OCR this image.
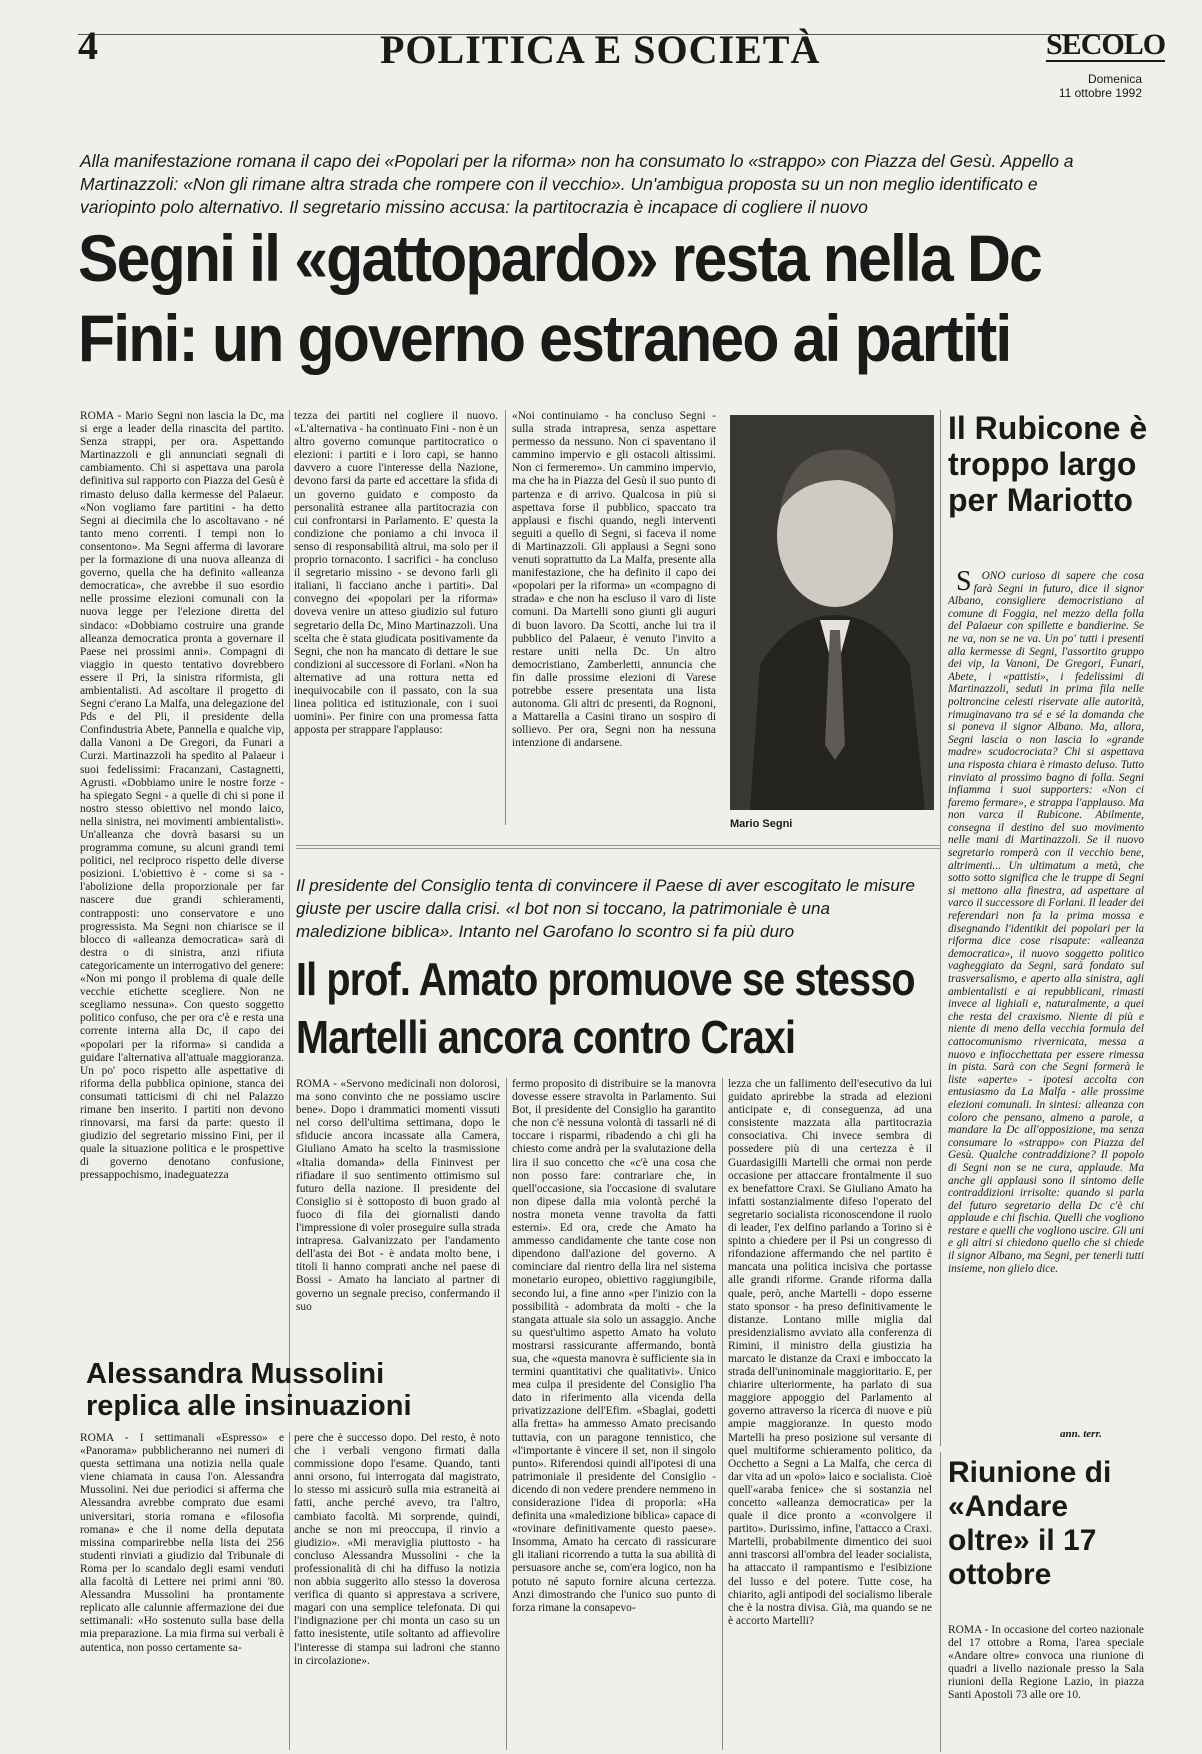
4	POLITICA E SOCIETÀ	SECOLO
Domenica
11 ottobre 1992
Alla manifestazione romana il capo dei «Popolari per la riforma» non ha consumato lo «strappo» con Piazza del Gesù. Appello a Martinazzoli: «Non gli rimane altra strada che rompere con il vecchio». Un'ambigua proposta su un non meglio identificato e variopinto polo alternativo. Il segretario missino accusa: la partitocrazia è incapace di cogliere il nuovo
Segni il «gattopardo» resta nella Dc
Fini: un governo estraneo ai partiti

ROMA - Mario Segni non lascia la Dc, ma si erge a leader della rinascita del partito. Senza strappi, per ora. Aspettando Martinazzoli e gli annunciati segnali di cambiamento. Chi si aspettava una parola definitiva sul rapporto con Piazza del Gesù è rimasto deluso dalla kermesse del Palaeur. «Non vogliamo fare partitini - ha detto Segni ai diecimila che lo ascoltavano - né tanto meno correnti. I tempi non lo consentono». Ma Segni afferma di lavorare per la formazione di una nuova alleanza di governo, quella che ha definito «alleanza democratica», che avrebbe il suo esordio nelle prossime elezioni comunali con la nuova legge per l'elezione diretta del sindaco: «Dobbiamo costruire una grande alleanza democratica pronta a governare il Paese nei prossimi anni». Compagni di viaggio in questo tentativo dovrebbero essere il Pri, la sinistra riformista, gli ambientalisti. Ad ascoltare il progetto di Segni c'erano La Malfa, una delegazione del Pds e del Pli, il presidente della Confindustria Abete, Pannella e qualche vip, dalla Vanoni a De Gregori, da Funari a Curzi. Martinazzoli ha spedito al Palaeur i suoi fedelissimi: Fracanzani, Castagnetti, Agrusti. «Dobbiamo unire le nostre forze - ha spiegato Segni - a quelle di chi si pone il nostro stesso obiettivo nel mondo laico, nella sinistra, nei movimenti ambientalisti». Un'alleanza che dovrà basarsi su un programma comune, su alcuni grandi temi politici, nel reciproco rispetto delle diverse posizioni. L'obiettivo è - come si sa - l'abolizione della proporzionale per far nascere due grandi schieramenti, contrapposti: uno conservatore e uno progressista. Ma Segni non chiarisce se il blocco di «alleanza democratica» sarà di destra o di sinistra, anzi rifiuta categoricamente un interrogativo del genere: «Non mi pongo il problema di quale delle vecchie etichette scegliere. Non ne scegliamo nessuna». Con questo soggetto politico confuso, che per ora c'è e resta una corrente interna alla Dc, il capo dei «popolari per la riforma» si candida a guidare l'alternativa all'attuale maggioranza. Un po' poco rispetto alle aspettative di riforma della pubblica opinione, stanca dei consumati tatticismi di chi nel Palazzo rimane ben inserito. I partiti non devono rinnovarsi, ma farsi da parte: questo il giudizio del segretario missino Fini, per il quale la situazione politica e le prospettive di governo denotano confusione, pressappochismo, inadeguatezza

tezza dei partiti nel cogliere il nuovo. «L'alternativa - ha continuato Fini - non è un altro governo comunque partitocratico o elezioni: i partiti e i loro capi, se hanno davvero a cuore l'interesse della Nazione, devono farsi da parte ed accettare la sfida di un governo guidato e composto da personalità estranee alla partitocrazia con cui confrontarsi in Parlamento. E' questa la condizione che poniamo a chi invoca il senso di responsabilità altrui, ma solo per il proprio tornaconto. I sacrifici - ha concluso il segretario missino - se devono farli gli italiani, li facciano anche i partiti». Dal convegno dei «popolari per la riforma» doveva venire un atteso giudizio sul futuro segretario della Dc, Mino Martinazzoli. Una scelta che è stata giudicata positivamente da Segni, che non ha mancato di dettare le sue condizioni al successore di Forlani. «Non ha alternative ad una rottura netta ed inequivocabile con il passato, con la sua linea politica ed istituzionale, con i suoi uomini». Per finire con una promessa fatta apposta per strappare l'applauso:

«Noi continuiamo - ha concluso Segni - sulla strada intrapresa, senza aspettare permesso da nessuno. Non ci spaventano il cammino impervio e gli ostacoli altissimi. Non ci fermeremo». Un cammino impervio, ma che ha in Piazza del Gesù il suo punto di partenza e di arrivo. Qualcosa in più si aspettava forse il pubblico, spaccato tra applausi e fischi quando, negli interventi seguiti a quello di Segni, si faceva il nome di Martinazzoli. Gli applausi a Segni sono venuti soprattutto da La Malfa, presente alla manifestazione, che ha definito il capo dei «popolari per la riforma» un «compagno di strada» e che non ha escluso il varo di liste comuni. Da Martelli sono giunti gli auguri di buon lavoro. Da Scotti, anche lui tra il pubblico del Palaeur, è venuto l'invito a restare uniti nella Dc. Un altro democristiano, Zamberletti, annuncia che fin dalle prossime elezioni di Varese potrebbe essere presentata una lista autonoma. Gli altri dc presenti, da Rognoni, a Mattarella a Casini tirano un sospiro di sollievo. Per ora, Segni non ha nessuna intenzione di andarsene.

Mario Segni
Il Rubicone è troppo largo per Mariotto

SONO curioso di sapere che cosa farà Segni in futuro, dice il signor Albano, consigliere democristiano al comune di Foggia, nel mezzo della folla del Palaeur con spillette e bandierine. Se ne va, non se ne va. Un po' tutti i presenti alla kermesse di Segni, l'assortito gruppo dei vip, la Vanoni, De Gregori, Funari, Abete, i «pattisti», i fedelissimi di Martinazzoli, seduti in prima fila nelle poltroncine celesti riservate alle autorità, rimuginavano tra sé e sé la domanda che si poneva il signor Albano. Ma, allora, Segni lascia o non lascia lo «grande madre» scudocrociata? Chi si aspettava una risposta chiara è rimasto deluso. Tutto rinviato al prossimo bagno di folla. Segni infiamma i suoi supporters: «Non ci faremo fermare», e strappa l'applauso. Ma non varca il Rubicone. Abilmente, consegna il destino del suo movimento nelle mani di Martinazzoli. Se il nuovo segretario romperà con il vecchio bene, altrimenti... Un ultimatum a metà, che sotto sotto significa che le truppe di Segni si mettono alla finestra, ad aspettare al varco il successore di Forlani. Il leader dei referendari non fa la prima mossa e disegnando l'identikit dei popolari per la riforma dice cose risapute: «alleanza democratica», il nuovo soggetto politico vagheggiato da Segni, sarà fondato sul trasversalismo, e aperto alla sinistra, agli ambientalisti e ai repubblicani, rimasti invece al lighiali e, naturalmente, a quei che resta del craxismo. Niente di più e niente di meno della vecchia formula del cattocomunismo rivernicata, messa a nuovo e infiocchettata per essere rimessa in pista. Sarà con che Segni formerà le liste «aperte» - ipotesi accolta con entusiasmo da La Malfa - alle prossime elezioni comunali. In sintesi: alleanza con coloro che pensano, almeno a parole, a mandare la Dc all'opposizione, ma senza consumare lo «strappo» con Piazza del Gesù. Qualche contraddizione? Il popolo di Segni non se ne cura, applaude. Ma anche gli applausi sono il sintomo delle contraddizioni irrisolte: quando si parla del futuro segretario della Dc c'è chi applaude e chi fischia. Quelli che vogliono restare e quelli che vogliono uscire. Gli uni e gli altri si chiedono quello che si chiede il signor Albano, ma Segni, per tenerli tutti insieme, non glielo dice.

ann. terr.
Il presidente del Consiglio tenta di convincere il Paese di aver escogitato le misure giuste per uscire dalla crisi. «I bot non si toccano, la patrimoniale è una maledizione biblica». Intanto nel Garofano lo scontro si fa più duro
Il prof. Amato promuove se stesso
Martelli ancora contro Craxi

ROMA - «Servono medicinali non dolorosi, ma sono convinto che ne possiamo uscire bene». Dopo i drammatici momenti vissuti nel corso dell'ultima settimana, dopo le sfiducie ancora incassate alla Camera, Giuliano Amato ha scelto la trasmissione «Italia domanda» della Fininvest per rifiadare il suo sentimento ottimismo sul futuro della nazione. Il presidente del Consiglio si è sottoposto di buon grado al fuoco di fila dei giornalisti dando l'impressione di voler proseguire sulla strada intrapresa. Galvanizzato per l'andamento dell'asta dei Bot - è andata molto bene, i titoli li hanno comprati anche nel paese di Bossi - Amato ha lanciato al partner di governo un segnale preciso, confermando il suo

fermo proposito di distribuire se la manovra dovesse essere stravolta in Parlamento. Sui Bot, il presidente del Consiglio ha garantito che non c'è nessuna volontà di tassarli né di toccare i risparmi, ribadendo a chi gli ha chiesto come andrà per la svalutazione della lira il suo concetto che «c'è una cosa che non posso fare: contrariare che, in quell'occasione, sia l'occasione di svalutare non dipese dalla mia volontà perché la nostra moneta venne travolta da fatti esterni». Ed ora, crede che Amato ha ammesso candidamente che tante cose non dipendono dall'azione del governo. A cominciare dal rientro della lira nel sistema monetario europeo, obiettivo raggiungibile, secondo lui, a fine anno «per l'inizio con la possibilità - adombrata da molti - che la stangata attuale sia solo un assaggio. Anche su quest'ultimo aspetto Amato ha voluto mostrarsi rassicurante affermando, bontà sua, che «questa manovra è sufficiente sia in termini quantitativi che qualitativi». Unico mea culpa il presidente del Consiglio l'ha dato in riferimento alla vicenda della privatizzazione dell'Efim. «Sbaglai, godetti alla fretta» ha ammesso Amato precisando tuttavia, con un paragone tennistico, che «l'importante è vincere il set, non il singolo punto». Riferendosi quindi all'ipotesi di una patrimoniale il presidente del Consiglio - dicendo di non vedere prendere nemmeno in considerazione l'idea di proporla: «Ha definita una «maledizione biblica» capace di «rovinare definitivamente questo paese». Insomma, Amato ha cercato di rassicurare gli italiani ricorrendo a tutta la sua abilità di persuasore anche se, com'era logico, non ha potuto né saputo fornire alcuna certezza. Anzi dimostrando che l'unico suo punto di forza rimane la consapevo-

lezza che un fallimento dell'esecutivo da lui guidato aprirebbe la strada ad elezioni anticipate e, di conseguenza, ad una consistente mazzata alla partitocrazia consociativa. Chi invece sembra di possedere più di una certezza è il Guardasigilli Martelli che ormai non perde occasione per attaccare frontalmente il suo ex benefattore Craxi. Se Giuliano Amato ha infatti sostanzialmente difeso l'operato del segretario socialista riconoscendone il ruolo di leader, l'ex delfino parlando a Torino si è spinto a chiedere per il Psi un congresso di rifondazione affermando che nel partito è mancata una politica incisiva che portasse alle grandi riforme. Grande riforma dalla quale, però, anche Martelli - dopo esserne stato sponsor - ha preso definitivamente le distanze. Lontano mille miglia dal presidenzialismo avviato alla conferenza di Rimini, il ministro della giustizia ha marcato le distanze da Craxi e imboccato la strada dell'uninominale maggioritario. E, per chiarire ulteriormente, ha parlato di sua maggiore appoggio del Parlamento al governo attraverso la ricerca di nuove e più ampie maggioranze. In questo modo Martelli ha preso posizione sul versante di quel multiforme schieramento politico, da Occhetto a Segni a La Malfa, che cerca di dar vita ad un «polo» laico e socialista. Cioè quell'«araba fenice» che si sostanzia nel concetto «alleanza democratica» per la quale il dice pronto a «convolgere il partito». Durissimo, infine, l'attacco a Craxi. Martelli, probabilmente dimentico dei suoi anni trascorsi all'ombra del leader socialista, ha attaccato il rampantismo e l'esibizione del lusso e del potere. Tutte cose, ha chiarito, agli antipodi del socialismo liberale che è la nostra divisa. Già, ma quando se ne è accorto Martelli?

Alessandra Mussolini
replica alle insinuazioni

ROMA - I settimanali «Espresso» e «Panorama» pubblicheranno nei numeri di questa settimana una notizia nella quale viene chiamata in causa l'on. Alessandra Mussolini. Nei due periodici si afferma che Alessandra avrebbe comprato due esami universitari, storia romana e «filosofia romana» e che il nome della deputata missina comparirebbe nella lista dei 256 studenti rinviati a giudizio dal Tribunale di Roma per lo scandalo degli esami venduti alla facoltà di Lettere nei primi anni '80. Alessandra Mussolini ha prontamente replicato alle calunnie affermazione dei due settimanali: «Ho sostenuto sulla base della mia preparazione. La mia firma sui verbali è autentica, non posso certamente sa-

pere che è successo dopo. Del resto, è noto che i verbali vengono firmati dalla commissione dopo l'esame. Quando, tanti anni orsono, fui interrogata dal magistrato, lo stesso mi assicurò sulla mia estraneità ai fatti, anche perché avevo, tra l'altro, cambiato facoltà. Mi sorprende, quindi, anche se non mi preoccupa, il rinvio a giudizio». «Mi meraviglia piuttosto - ha concluso Alessandra Mussolini - che la professionalità di chi ha diffuso la notizia non abbia suggerito allo stesso la doverosa verifica di quanto si apprestava a scrivere, magari con una semplice telefonata. Di qui l'indignazione per chi monta un caso su un fatto inesistente, utile soltanto ad affievolire l'interesse di stampa sui ladroni che stanno in circolazione».

Riunione di «Andare oltre» il 17 ottobre

ROMA - In occasione del corteo nazionale del 17 ottobre a Roma, l'area speciale «Andare oltre» convoca una riunione di quadri a livello nazionale presso la Sala riunioni della Regione Lazio, in piazza Santi Apostoli 73 alle ore 10.
